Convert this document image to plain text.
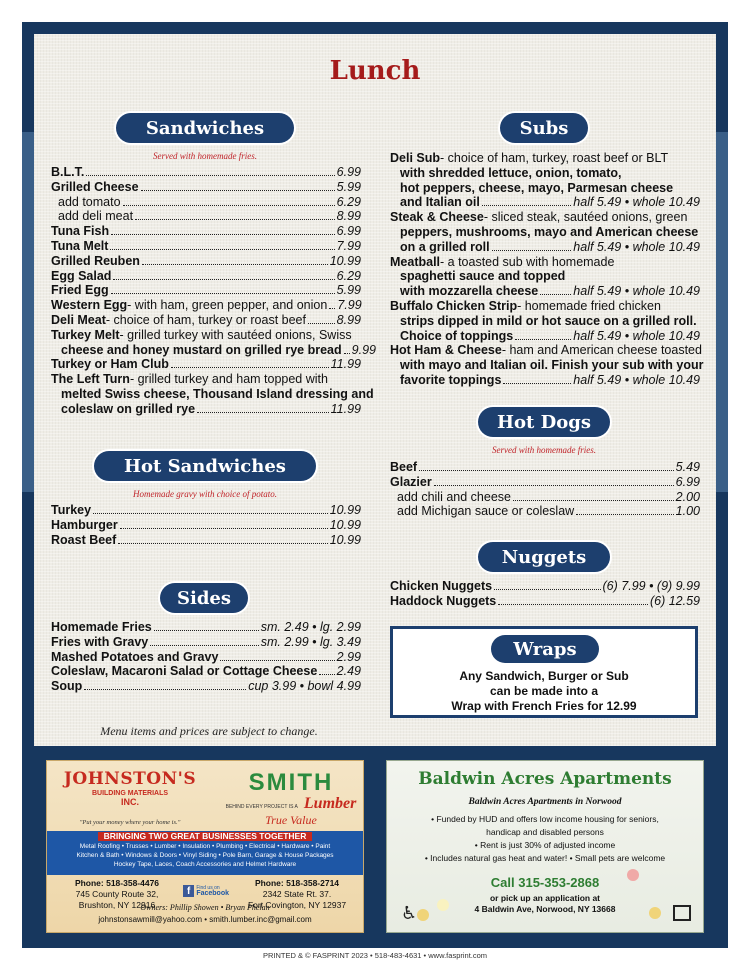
Lunch
Sandwiches
Served with homemade fries.
B.L.T.	6.99
Grilled Cheese	5.99
add tomato	6.29
add deli meat	8.99
Tuna Fish	6.99
Tuna Melt	7.99
Grilled Reuben	10.99
Egg Salad	6.29
Fried Egg	5.99
Western Egg - with ham, green pepper, and onion 7.99
Deli Meat - choice of ham, turkey or roast beef 8.99
Turkey Melt - grilled turkey with sautéed onions, Swiss
cheese and honey mustard on grilled rye bread 9.99
Turkey or Ham Club	11.99
The Left Turn - grilled turkey and ham topped with
melted Swiss cheese, Thousand Island dressing and
coleslaw on grilled rye	11.99
Hot Sandwiches
Homemade gravy with choice of potato.
Turkey	10.99
Hamburger	10.99
Roast Beef	10.99
Sides
Homemade Fries	sm. 2.49 • lg. 2.99
Fries with Gravy	sm. 2.99 • lg. 3.49
Mashed Potatoes and Gravy	2.99
Coleslaw, Macaroni Salad or Cottage Cheese 2.49
Soup	cup 3.99 • bowl 4.99
Menu items and prices are subject to change.
Subs
Deli Sub - choice of ham, turkey, roast beef or BLT
with shredded lettuce, onion, tomato,
hot peppers, cheese, mayo, Parmesan cheese
and Italian oil	half 5.49 • whole 10.49
Steak & Cheese - sliced steak, sautéed onions, green
peppers, mushrooms, mayo and American cheese
on a grilled roll	half 5.49 • whole 10.49
Meatball - a toasted sub with homemade
spaghetti sauce and topped
with mozzarella cheese	half 5.49 • whole 10.49
Buffalo Chicken Strip - homemade fried chicken
strips dipped in mild or hot sauce on a grilled roll.
Choice of toppings	half 5.49 • whole 10.49
Hot Ham & Cheese - ham and American cheese toasted
with mayo and Italian oil. Finish your sub with your
favorite toppings	half 5.49 • whole 10.49
Hot Dogs
Served with homemade fries.
Beef	5.49
Glazier	6.99
add chili and cheese	2.00
add Michigan sauce or coleslaw	1.00
Nuggets
Chicken Nuggets	(6) 7.99 • (9) 9.99
Haddock Nuggets	(6) 12.59
Wraps
Any Sandwich, Burger or Sub
can be made into a
Wrap with French Fries for 12.99
JOHNSTON'S
BUILDING MATERIALS
INC.
"Put your money where your home is."
SMITH
BEHIND EVERY PROJECT IS A Lumber
True Value
BRINGING TWO GREAT BUSINESSES TOGETHER
Metal Roofing • Trusses • Lumber • Insulation • Plumbing • Electrical • Hardware • Paint
Kitchen & Bath • Windows & Doors • Vinyl Siding • Pole Barn, Garage & House Packages
Hockey Tape, Laces, Coach Accessories and Helmet Hardware
Phone: 518-358-4476
745 County Route 32,
Brushton, NY 12916
f	Find us on
Facebook
Phone: 518-358-2714
2342 State Rt. 37.
Fort Covington, NY 12937
Owners: Phillip Showen • Bryan Phelan
johnstonsawmill@yahoo.com • smith.lumber.inc@gmail.com
Baldwin Acres Apartments
Baldwin Acres Apartments in Norwood
• Funded by HUD and offers low income housing for seniors,
handicap and disabled persons
• Rent is just 30% of adjusted income
• Includes natural gas heat and water! • Small pets are welcome
Call 315-353-2868
or pick up an application at
4 Baldwin Ave, Norwood, NY 13668
♿
PRINTED & © FASPRINT 2023 • 518-483-4631 • www.fasprint.com
